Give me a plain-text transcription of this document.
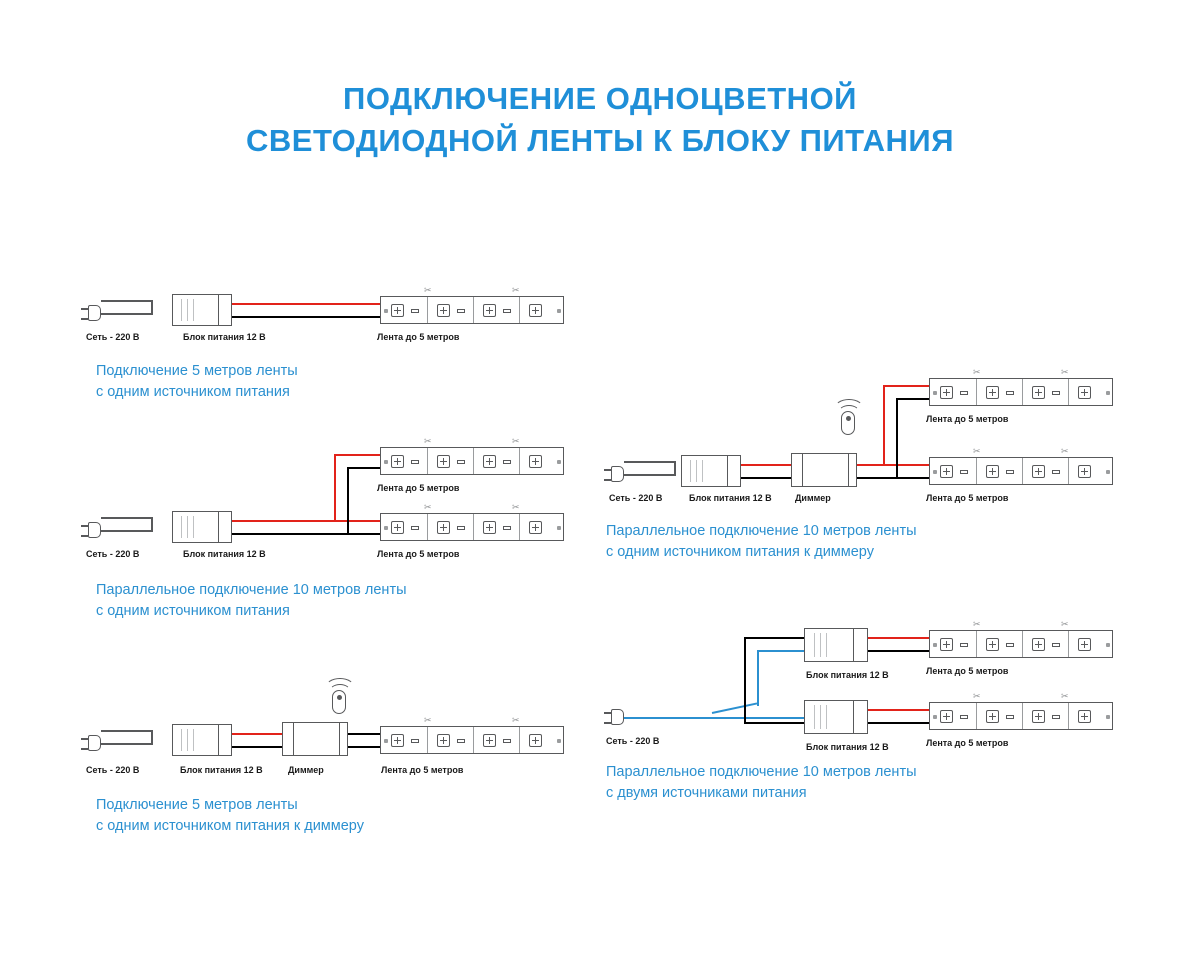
ПОДКЛЮЧЕНИЕ ОДНОЦВЕТНОЙ
СВЕТОДИОДНОЙ ЛЕНТЫ К БЛОКУ ПИТАНИЯ
✂	✂
Сеть - 220 В	Блок питания 12 В	Лента до 5 метров
Подключение 5 метров ленты
с одним источником питания
✂	✂
Лента до 5 метров
✂	✂
Сеть - 220 В	Блок питания 12 В	Лента до 5 метров
Параллельное подключение 10 метров ленты
с одним источником питания
✂	✂
Сеть - 220 В	Блок питания 12 В	Диммер	Лента до 5 метров
Подключение 5 метров ленты
с одним источником питания к диммеру
✂	✂
Лента до 5 метров
✂	✂
Сеть - 220 В	Блок питания 12 В	Диммер	Лента до 5 метров
Параллельное подключение 10 метров ленты
с одним источником питания к диммеру
✂	✂
Лента до 5 метров
✂	✂
Лента до 5 метров
Сеть - 220 В
Блок питания 12 В
Блок питания 12 В
Параллельное подключение 10 метров ленты
с двумя источниками питания
